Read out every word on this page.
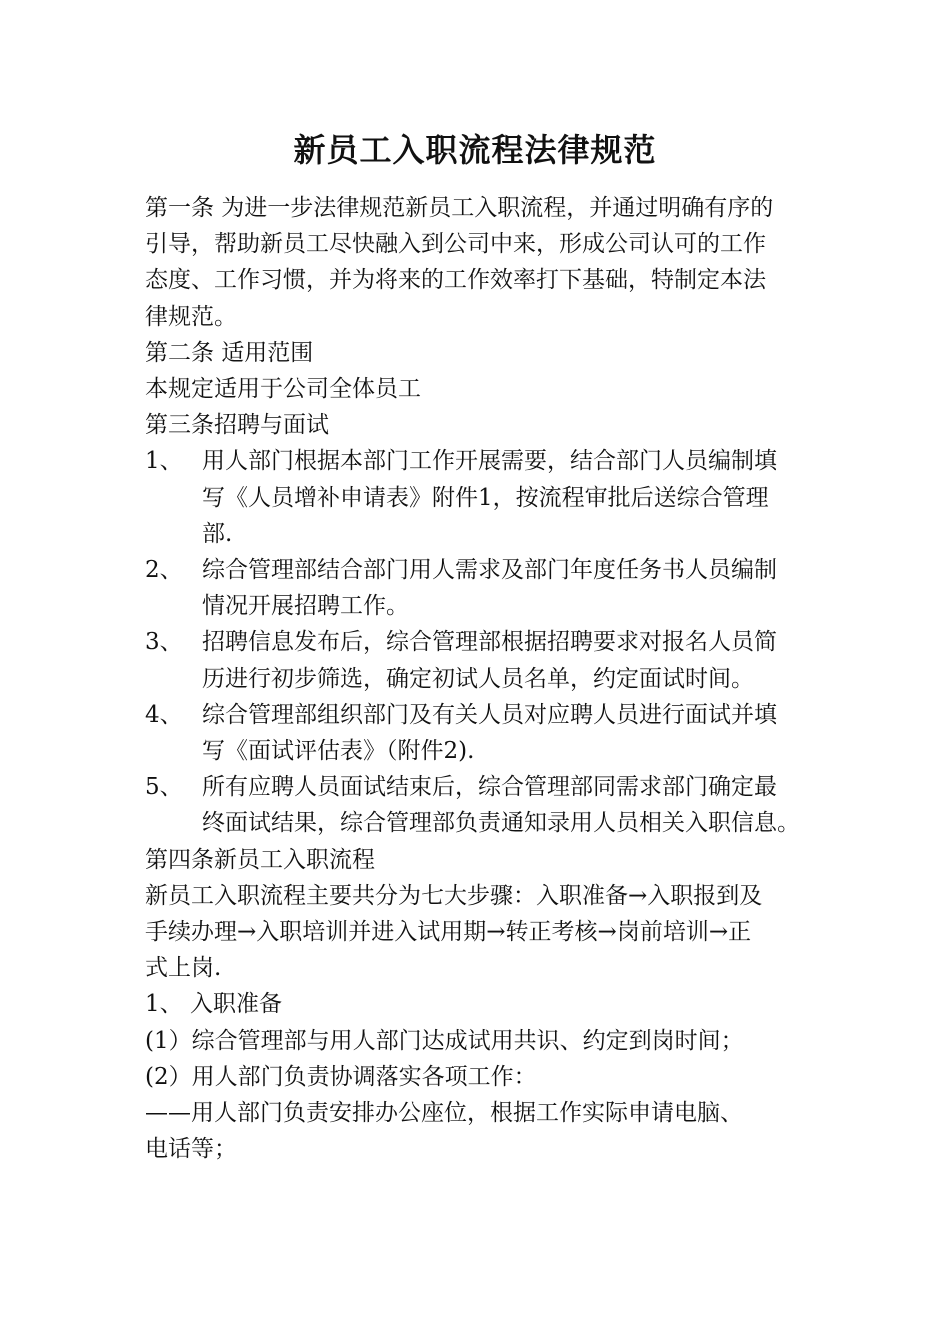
新员工入职流程法律规范

第一条 为进一步法律规范新员工入职流程，并通过明确有序的
引导，帮助新员工尽快融入到公司中来，形成公司认可的工作
态度、工作习惯，并为将来的工作效率打下基础，特制定本法
律规范。

第二条 适用范围

本规定适用于公司全体员工

第三条招聘与面试

1、 用人部门根据本部门工作开展需要，结合部门人员编制填
写《人员增补申请表》附件1，按流程审批后送综合管理
部.
2、 综合管理部结合部门用人需求及部门年度任务书人员编制
情况开展招聘工作。
3、 招聘信息发布后，综合管理部根据招聘要求对报名人员简
历进行初步筛选，确定初试人员名单，约定面试时间。
4、 综合管理部组织部门及有关人员对应聘人员进行面试并填
写《面试评估表》（附件2).
5、 所有应聘人员面试结束后，综合管理部同需求部门确定最
终面试结果，综合管理部负责通知录用人员相关入职信息。

第四条新员工入职流程

新员工入职流程主要共分为七大步骤：入职准备→入职报到及
手续办理→入职培训并进入试用期→转正考核→岗前培训→正
式上岗.

1、 入职准备

(1）综合管理部与用人部门达成试用共识、约定到岗时间；

(2）用人部门负责协调落实各项工作：

——用人部门负责安排办公座位，根据工作实际申请电脑、
电话等；
